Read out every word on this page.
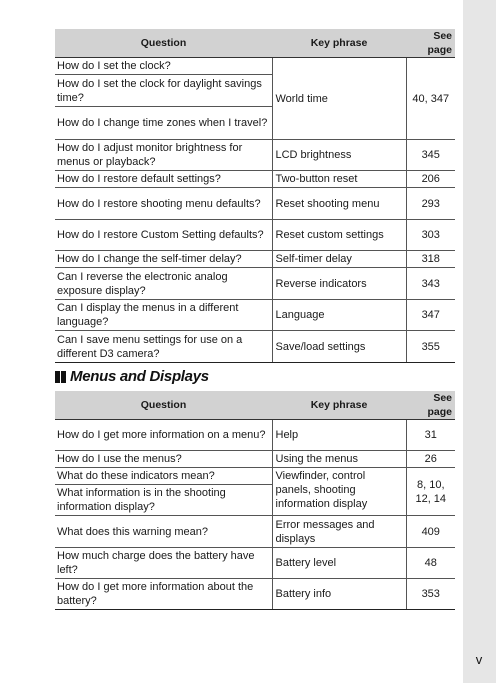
Question	Key phrase	See page
How do I set the clock?	World time	40, 347
How do I set the clock for daylight savings time?		
How do I change time zones when I travel?		
How do I adjust monitor brightness for menus or playback?	LCD brightness	345
How do I restore default settings?	Two-button reset	206
How do I restore shooting menu defaults?	Reset shooting menu	293
How do I restore Custom Setting defaults?	Reset custom settings	303
How do I change the self-timer delay?	Self-timer delay	318
Can I reverse the electronic analog exposure display?	Reverse indicators	343
Can I display the menus in a different language?	Language	347
Can I save menu settings for use on a different D3 camera?	Save/load settings	355
Menus and Displays
Question	Key phrase	See page
How do I get more information on a menu?	Help	31
How do I use the menus?	Using the menus	26
What do these indicators mean?	Viewfinder, control panels, shooting information display	8, 10, 12, 14
What information is in the shooting information display?		
What does this warning mean?	Error messages and displays	409
How much charge does the battery have left?	Battery level	48
How do I get more information about the battery?	Battery info	353
v
